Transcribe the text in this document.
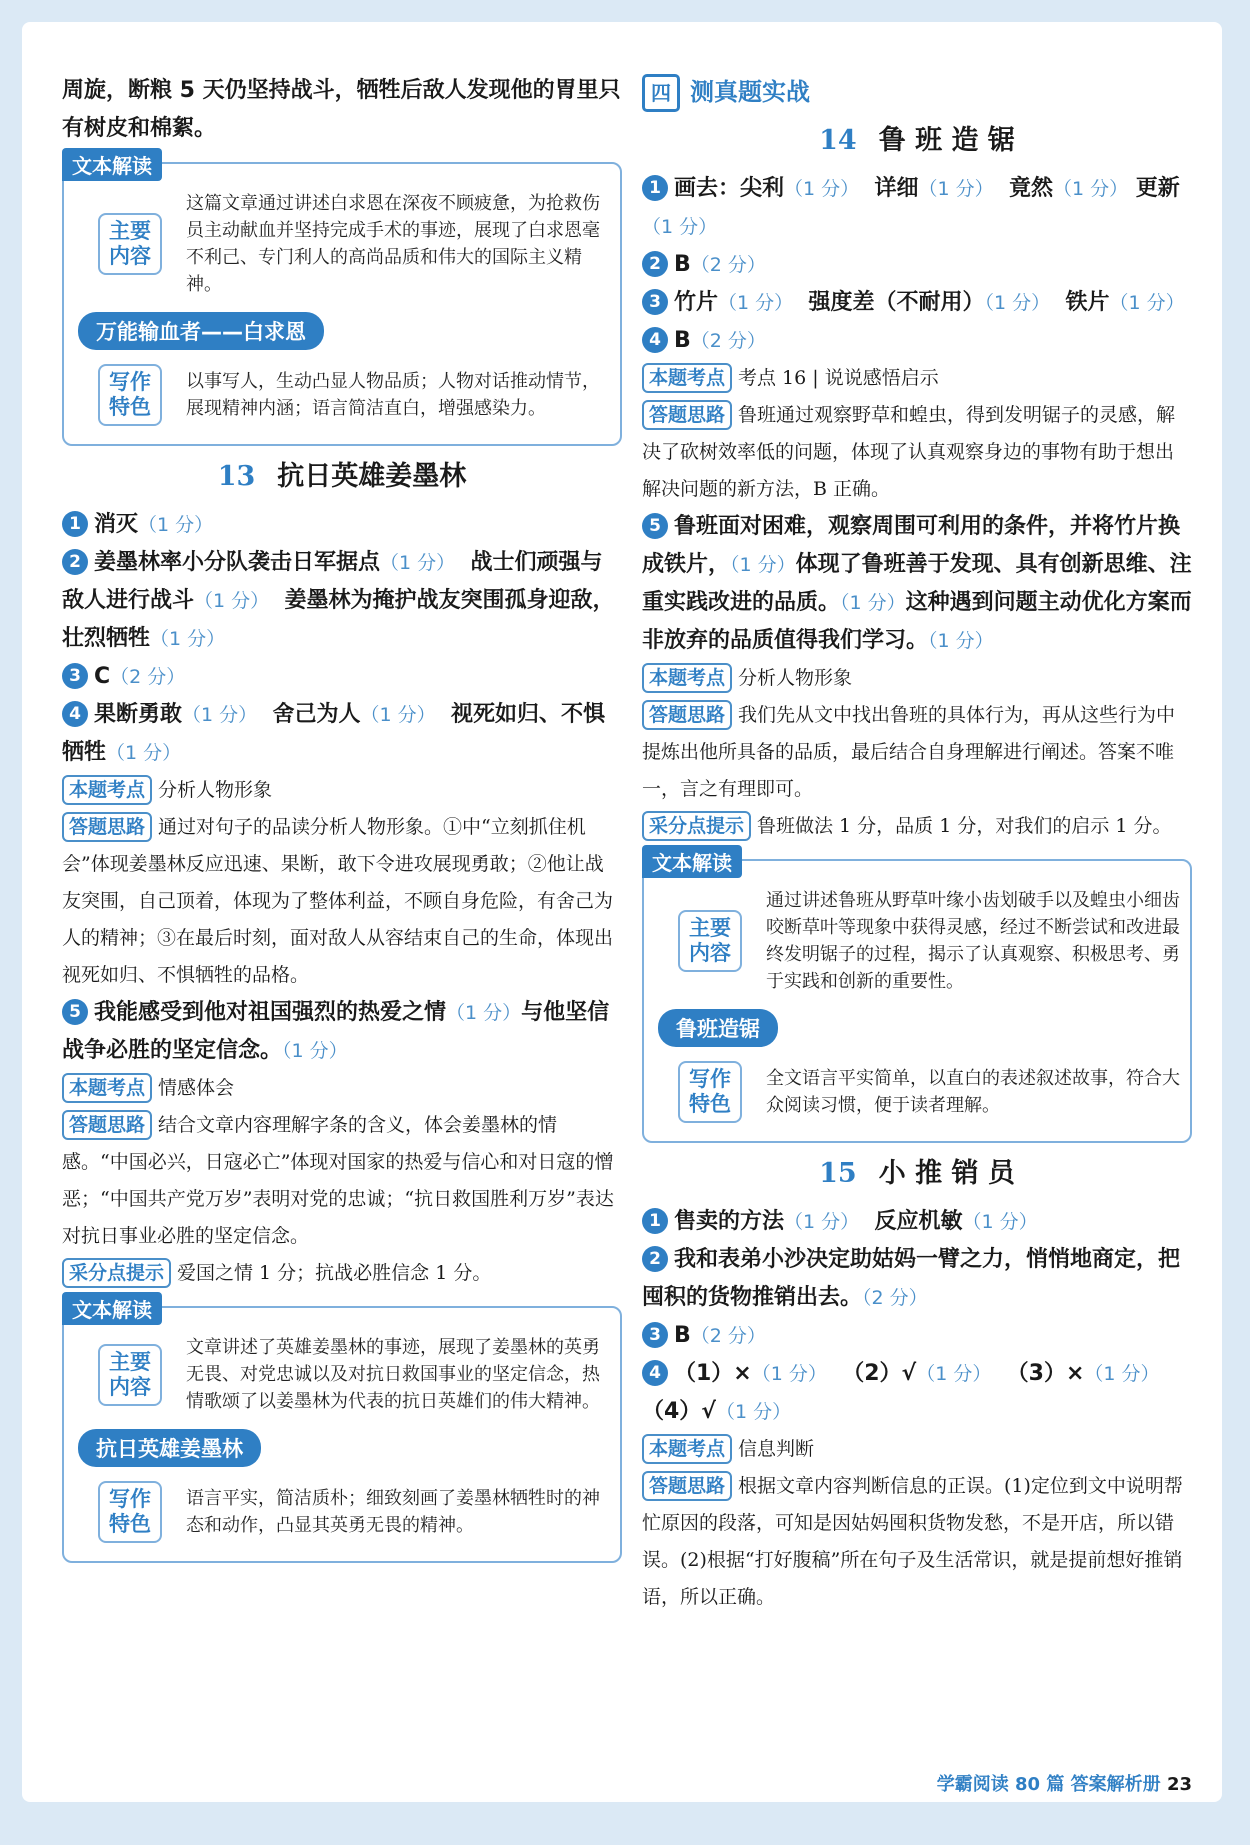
周旋，断粮 5 天仍坚持战斗，牺牲后敌人发现他的胃里只有树皮和棉絮。

文本解读
主要内容
这篇文章通过讲述白求恩在深夜不顾疲惫，为抢救伤员主动献血并坚持完成手术的事迹，展现了白求恩毫不利己、专门利人的高尚品质和伟大的国际主义精神。
万能输血者——白求恩
写作特色
以事写人，生动凸显人物品质；人物对话推动情节，展现精神内涵；语言简洁直白，增强感染力。
13 抗日英雄姜墨林

1 消灭（1 分）

2 姜墨林率小分队袭击日军据点（1 分） 战士们顽强与敌人进行战斗（1 分） 姜墨林为掩护战友突围孤身迎敌，壮烈牺牲（1 分）

3 C（2 分）

4 果断勇敢（1 分） 舍己为人（1 分） 视死如归、不惧牺牲（1 分）

本题考点 分析人物形象

答题思路 通过对句子的品读分析人物形象。①中“立刻抓住机会”体现姜墨林反应迅速、果断，敢下令进攻展现勇敢；②他让战友突围，自己顶着，体现为了整体利益，不顾自身危险，有舍己为人的精神；③在最后时刻，面对敌人从容结束自己的生命，体现出视死如归、不惧牺牲的品格。

5 我能感受到他对祖国强烈的热爱之情（1 分）与他坚信战争必胜的坚定信念。（1 分）

本题考点 情感体会

答题思路 结合文章内容理解字条的含义，体会姜墨林的情感。“中国必兴，日寇必亡”体现对国家的热爱与信心和对日寇的憎恶；“中国共产党万岁”表明对党的忠诚；“抗日救国胜利万岁”表达对抗日事业必胜的坚定信念。

采分点提示 爱国之情 1 分；抗战必胜信念 1 分。

文本解读
主要内容
文章讲述了英雄姜墨林的事迹，展现了姜墨林的英勇无畏、对党忠诚以及对抗日救国事业的坚定信念，热情歌颂了以姜墨林为代表的抗日英雄们的伟大精神。
抗日英雄姜墨林
写作特色
语言平实，简洁质朴；细致刻画了姜墨林牺牲时的神态和动作，凸显其英勇无畏的精神。
四 测真题实战
14 鲁 班 造 锯

1 画去：尖利（1 分） 详细（1 分） 竟然（1 分） 更新（1 分）

2 B（2 分）

3 竹片（1 分） 强度差（不耐用）（1 分） 铁片（1 分）

4 B（2 分）

本题考点 考点 16 | 说说感悟启示

答题思路 鲁班通过观察野草和蝗虫，得到发明锯子的灵感，解决了砍树效率低的问题，体现了认真观察身边的事物有助于想出解决问题的新方法，B 正确。

5 鲁班面对困难，观察周围可利用的条件，并将竹片换成铁片，（1 分）体现了鲁班善于发现、具有创新思维、注重实践改进的品质。（1 分）这种遇到问题主动优化方案而非放弃的品质值得我们学习。（1 分）

本题考点 分析人物形象

答题思路 我们先从文中找出鲁班的具体行为，再从这些行为中提炼出他所具备的品质，最后结合自身理解进行阐述。答案不唯一，言之有理即可。

采分点提示 鲁班做法 1 分，品质 1 分，对我们的启示 1 分。

文本解读
主要内容
通过讲述鲁班从野草叶缘小齿划破手以及蝗虫小细齿咬断草叶等现象中获得灵感，经过不断尝试和改进最终发明锯子的过程，揭示了认真观察、积极思考、勇于实践和创新的重要性。
鲁班造锯
写作特色
全文语言平实简单，以直白的表述叙述故事，符合大众阅读习惯，便于读者理解。
15 小 推 销 员

1 售卖的方法（1 分） 反应机敏（1 分）

2 我和表弟小沙决定助姑妈一臂之力，悄悄地商定，把囤积的货物推销出去。（2 分）

3 B（2 分）

4 （1）×（1 分） （2）√（1 分） （3）×（1 分） （4）√（1 分）

本题考点 信息判断

答题思路 根据文章内容判断信息的正误。(1)定位到文中说明帮忙原因的段落，可知是因姑妈囤积货物发愁，不是开店，所以错误。(2)根据“打好腹稿”所在句子及生活常识，就是提前想好推销语，所以正确。

学霸阅读 80 篇 答案解析册 23
